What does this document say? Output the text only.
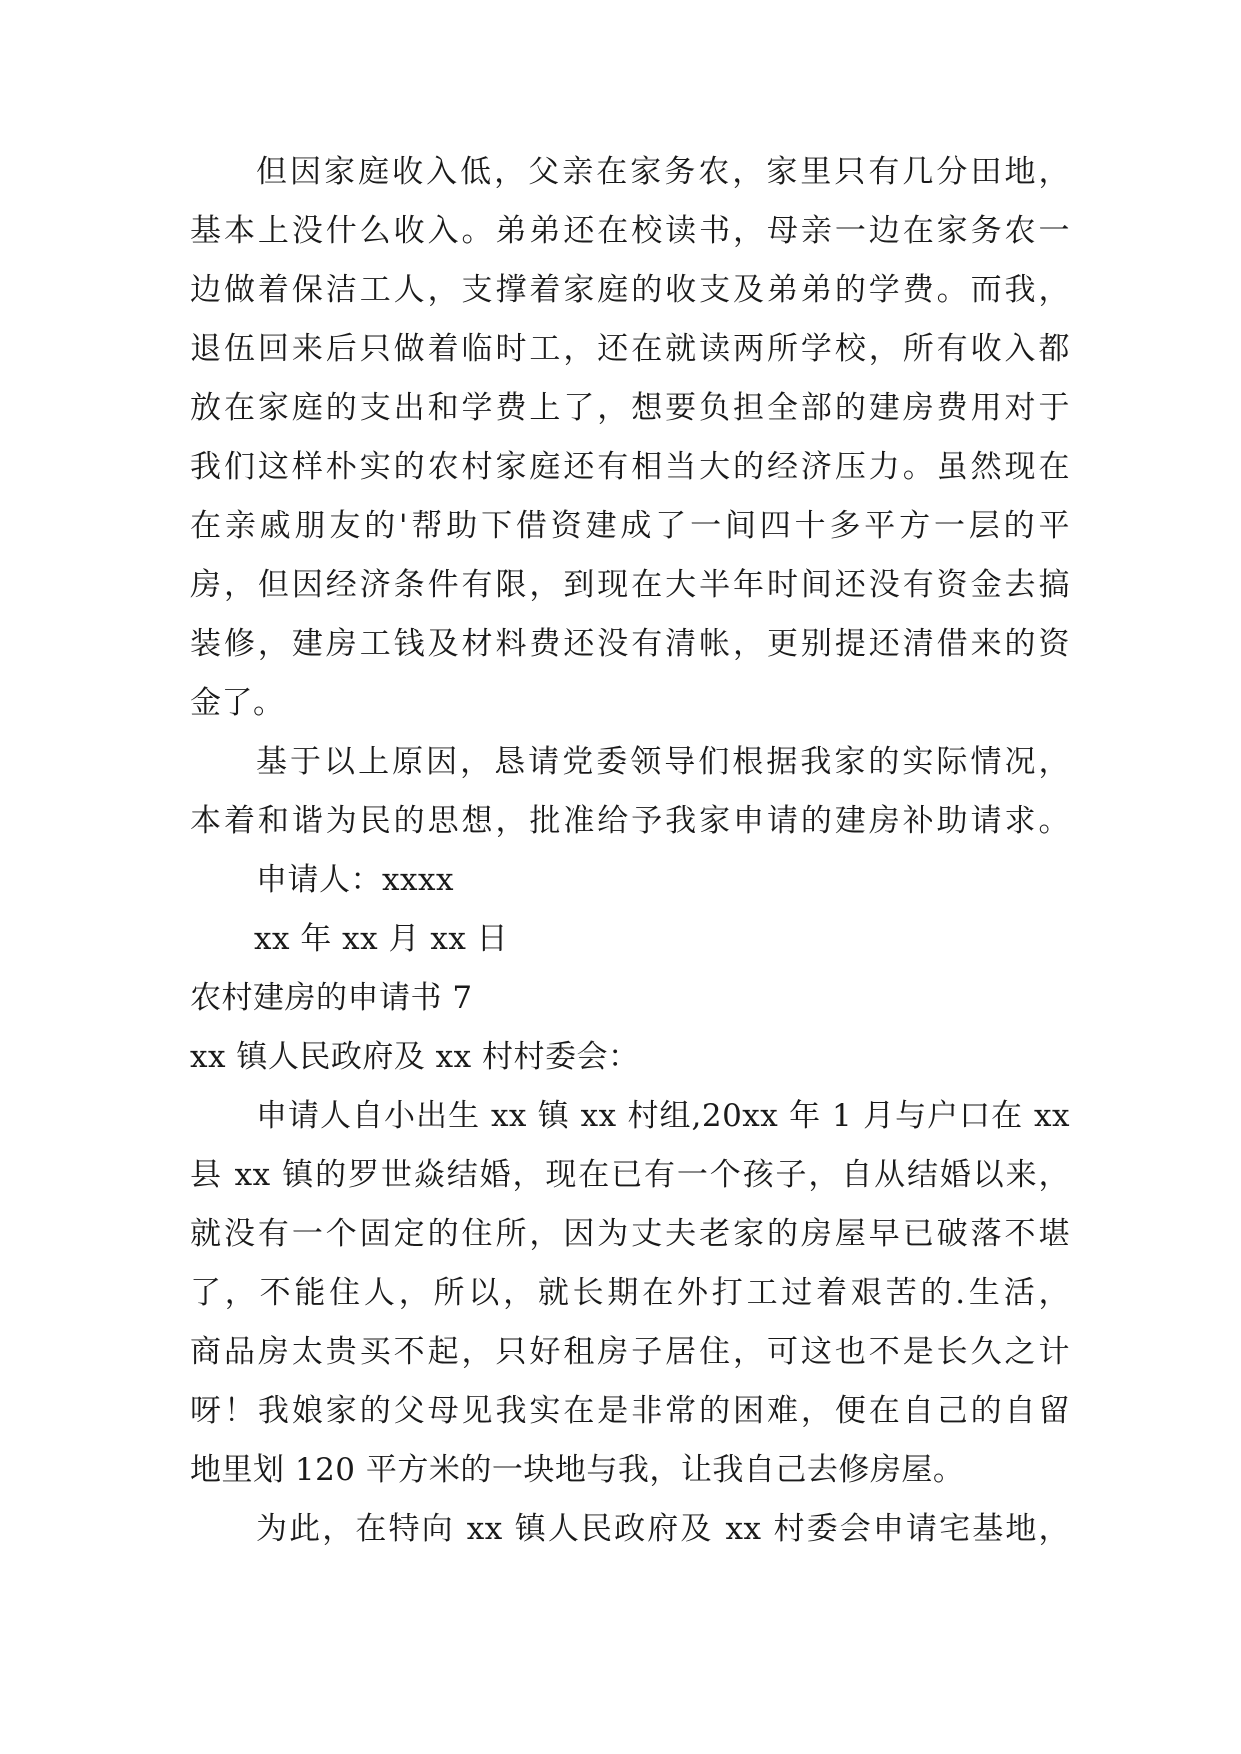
但因家庭收入低，父亲在家务农，家里只有几分田地，
基本上没什么收入。弟弟还在校读书，母亲一边在家务农一
边做着保洁工人，支撑着家庭的收支及弟弟的学费。而我，
退伍回来后只做着临时工，还在就读两所学校，所有收入都
放在家庭的支出和学费上了，想要负担全部的建房费用对于
我们这样朴实的农村家庭还有相当大的经济压力。虽然现在
在亲戚朋友的'帮助下借资建成了一间四十多平方一层的平
房，但因经济条件有限，到现在大半年时间还没有资金去搞
装修，建房工钱及材料费还没有清帐，更别提还清借来的资
金了。
基于以上原因，恳请党委领导们根据我家的实际情况，
本着和谐为民的思想，批准给予我家申请的建房补助请求。
申请人：xxxx
xx 年 xx 月 xx 日
农村建房的申请书 7
xx 镇人民政府及 xx 村村委会：
申请人自小出生 xx 镇 xx 村组,20xx 年 1 月与户口在 xx
县 xx 镇的罗世焱结婚，现在已有一个孩子，自从结婚以来，
就没有一个固定的住所，因为丈夫老家的房屋早已破落不堪
了，不能住人，所以，就长期在外打工过着艰苦的.生活，
商品房太贵买不起，只好租房子居住，可这也不是长久之计
呀！我娘家的父母见我实在是非常的困难，便在自己的自留
地里划 120 平方米的一块地与我，让我自己去修房屋。
为此，在特向 xx 镇人民政府及 xx 村委会申请宅基地，
